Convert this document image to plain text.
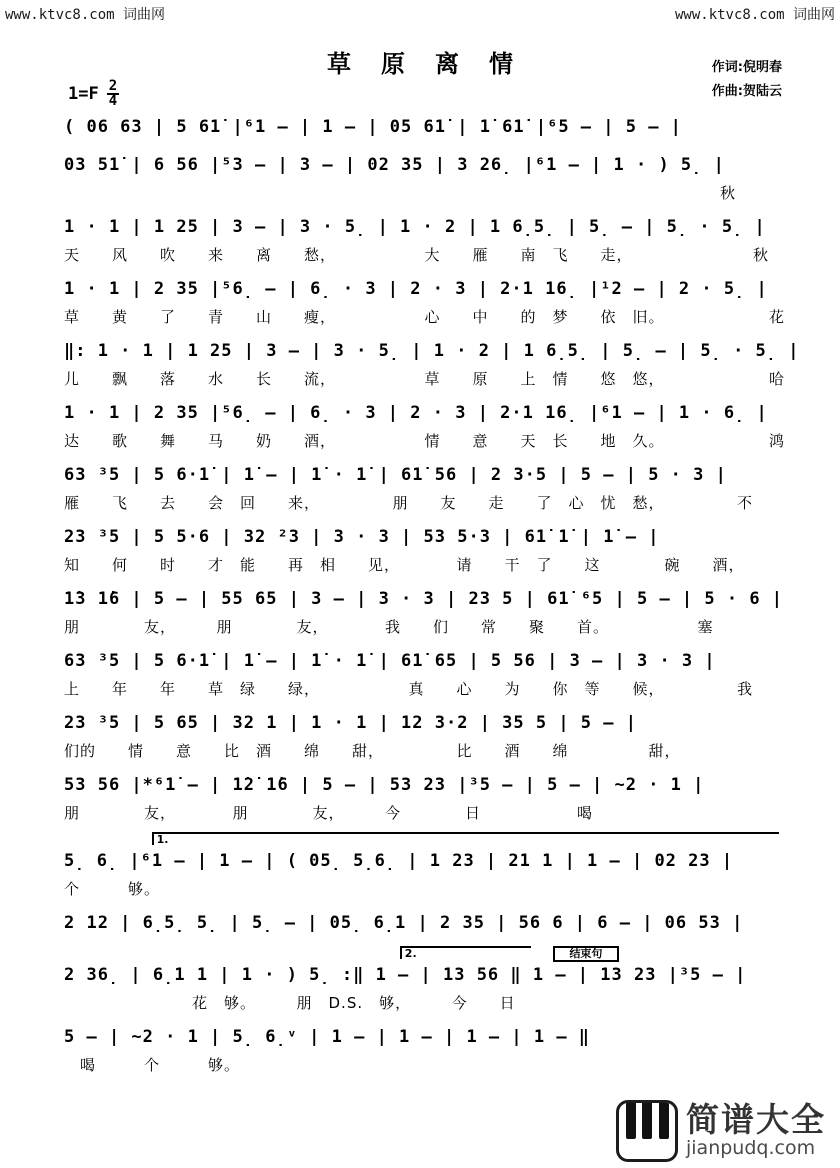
www.ktvc8.com 词曲网	www.ktvc8.com 词曲网
草原离情	作词:倪明春
作曲:贺陆云
$1=F \frac{2}{4}$
( 06 63 | 5 61̇ |⁶1 — | 1 — | 05 61̇ | 1̇ 61̇ |⁶5 — | 5 — |
03 51̇ | 6 56 |⁵3 — | 3 — | 02 35 | 3 26̣ |⁶1 — | 1 · ) 5̣ |
　　　　　　　　　　　　　　　　　　　　　　　　　　　　　　　　　　　　　　　　　秋
1 · 1 | 1 25 | 3 — | 3 · 5̣ | 1 · 2 | 1 6̣5̣ | 5̣ — | 5̣ · 5̣ |
天　　风　　吹　　来　　离　　愁，　　　　　　大　　雁　　南　飞　　走，　　　　　　　　秋
1 · 1 | 2 35 |⁵6̣ — | 6̣ · 3 | 2 · 3 | 2·1 16̣ |¹2 — | 2 · 5̣ |
草　　黄　　了　　青　　山　　瘦，　　　　　　心　　中　　的　梦　　依　旧。　　　　　　　花
‖: 1 · 1 | 1 25 | 3 — | 3 · 5̣ | 1 · 2 | 1 6̣5̣ | 5̣ — | 5̣ · 5̣ |
儿　　飘　　落　　水　　长　　流，　　　　　　草　　原　　上　情　　悠　悠，　　　　　　　哈
1 · 1 | 2 35 |⁵6̣ — | 6̣ · 3 | 2 · 3 | 2·1 16̣ |⁶1 — | 1 · 6̣ |
达　　歌　　舞　　马　　奶　　酒，　　　　　　情　　意　　天　长　　地　久。　　　　　　　鸿
63 ³5 | 5 6·1̇ | 1̇ — | 1̇ · 1̇ | 61̇ 56 | 2 3·5 | 5 — | 5 · 3 |
雁　　飞　　去　　会　回　　来，　　　　　朋　　友　　走　　了　心　忧　愁，　　　　　不
23 ³5 | 5 5·6 | 32 ²3 | 3 · 3 | 53 5·3 | 61̇ 1̇ | 1̇ — |
知　　何　　时　　才　能　　再　相　　见，　　　　请　　干　了　　这　　　　碗　　酒，
1̇3 1̇6 | 5 — | 55 65 | 3 — | 3 · 3 | 23 5 | 61̇ ⁶5 | 5 — | 5 · 6 |
朋　　　　友，　　　朋　　　　友，　　　　我　　们　　常　　聚　　首。　　　　　　塞
63 ³5 | 5 6·1̇ | 1̇ — | 1̇ · 1̇ | 61̇ 65 | 5 56 | 3 — | 3 · 3 |
上　　年　　年　　草　绿　　绿，　　　　　　真　　心　　为　　你　等　　候，　　　　　我
23 ³5 | 5 65 | 32 1 | 1 · 1 | 12 3·2 | 35 5 | 5 — |
们的　　情　　意　　比　酒　　绵　　甜，　　　　　比　　酒　　绵　　　　　甜，
53 56 |*⁶1̇ — | 1̇2̇ 1̇6 | 5 — | 53 23 |³5 — | 5 — | ~2 · 1 |
朋　　　　友，　　　　朋　　　　友，　　　今　　　　日　　　　　　喝
1.
5̣ 6̣ |⁶1 — | 1 — | ( 05̣ 5̣6̣ | 1 23 | 21 1 | 1 — | 02 23 |
个　　　够。
2 12 | 6̣5̣ 5̣ | 5̣ — | 05̣ 6̣1 | 2 35 | 56 6 | 6 — | 06 53 |
2.	结束句
2 36̣ | 6̣1 1 | 1 · ) 5̣ :‖ 1 — | 13 56 ‖ 1 — | 13 23 |³5 — |
　　　　　　　　花　够。　　　朋　D.S.　够，　　　今　　日
5 — | ~2 · 1 | 5̣ 6̣ᵛ | 1 — | 1 — | 1 — | 1 — ‖
　喝　　　个　　　够。
简谱大全
jianpudq.com
